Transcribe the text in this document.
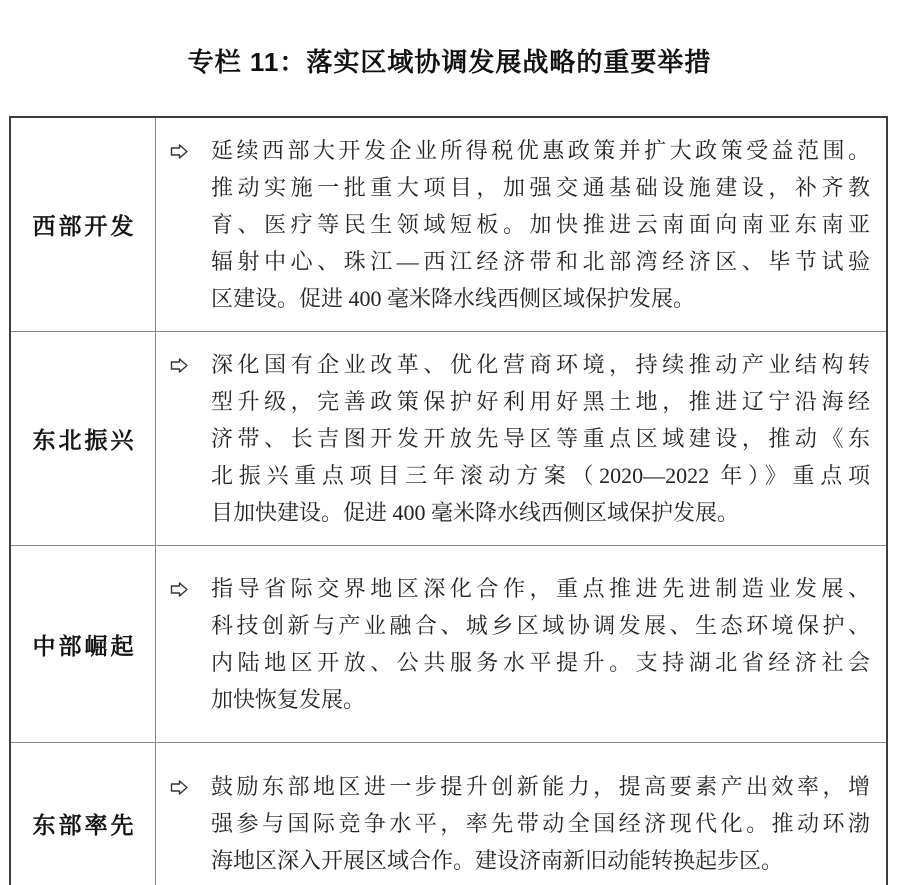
专栏 11：落实区域协调发展战略的重要举措
西部开发
延续西部大开发企业所得税优惠政策并扩大政策受益范围。
推动实施一批重大项目，加强交通基础设施建设，补齐教
育、医疗等民生领域短板。加快推进云南面向南亚东南亚
辐射中心、珠江—西江经济带和北部湾经济区、毕节试验
区建设。促进 400 毫米降水线西侧区域保护发展。
东北振兴
深化国有企业改革、优化营商环境，持续推动产业结构转
型升级，完善政策保护好利用好黑土地，推进辽宁沿海经
济带、长吉图开发开放先导区等重点区域建设，推动《东
北振兴重点项目三年滚动方案（2020—2022 年）》重点项
目加快建设。促进 400 毫米降水线西侧区域保护发展。
中部崛起
指导省际交界地区深化合作，重点推进先进制造业发展、
科技创新与产业融合、城乡区域协调发展、生态环境保护、
内陆地区开放、公共服务水平提升。支持湖北省经济社会
加快恢复发展。
东部率先
鼓励东部地区进一步提升创新能力，提高要素产出效率，增
强参与国际竞争水平，率先带动全国经济现代化。推动环渤
海地区深入开展区域合作。建设济南新旧动能转换起步区。
